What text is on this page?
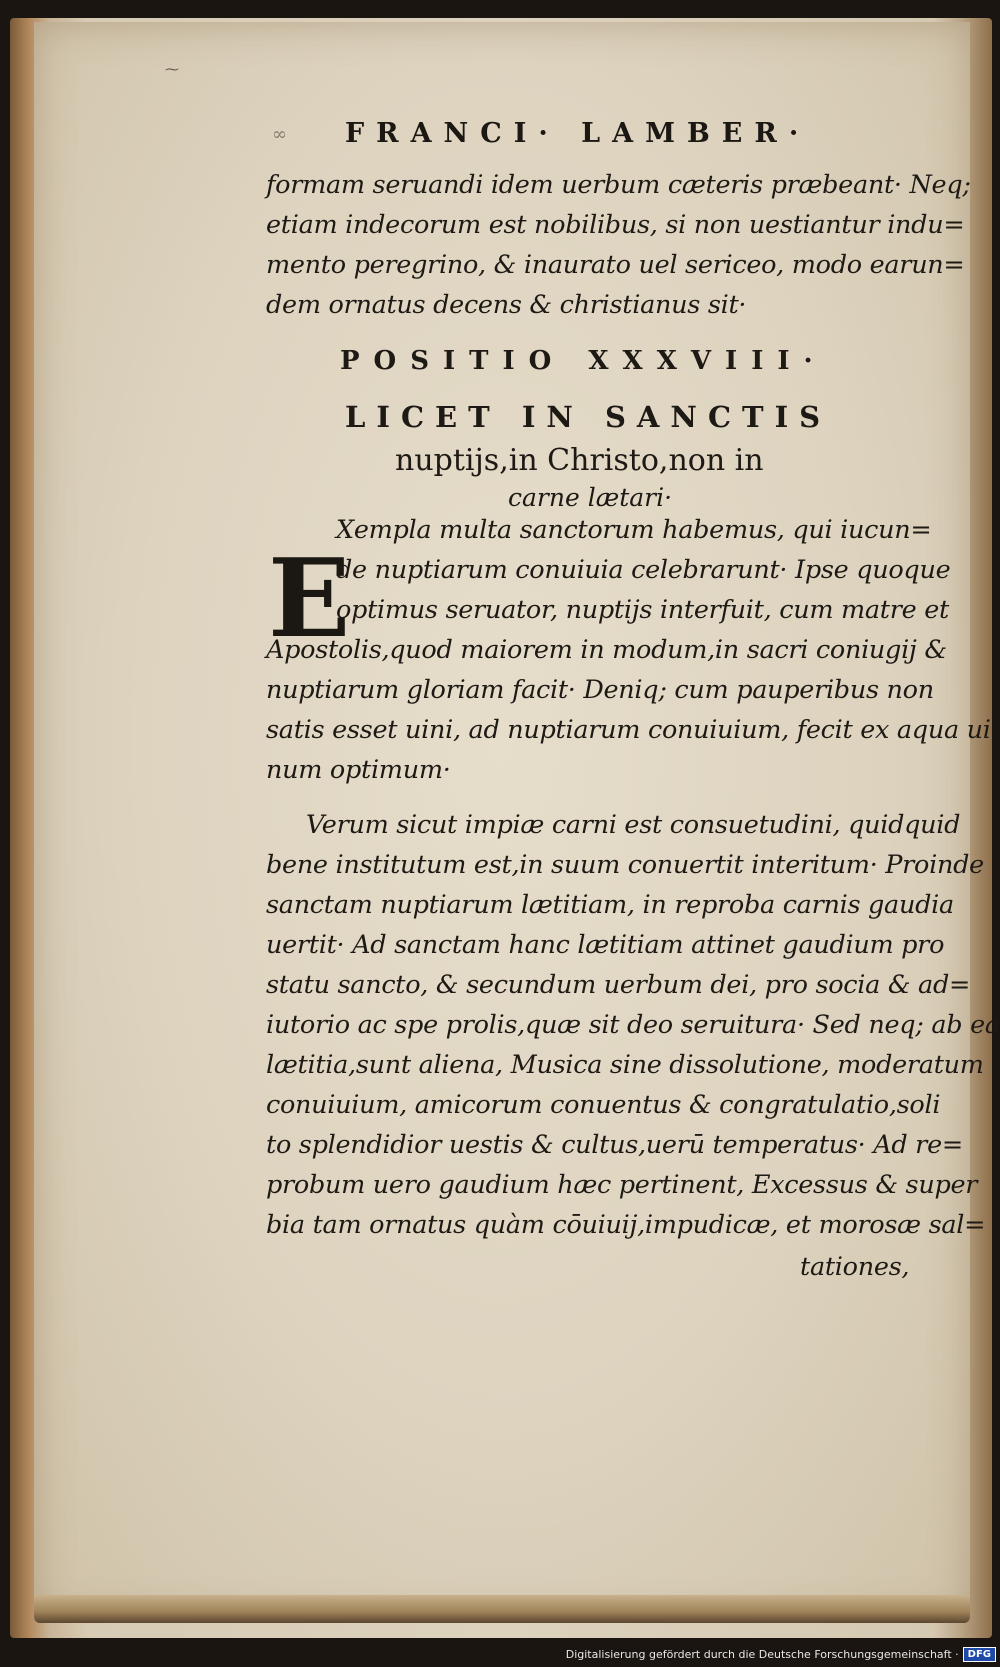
⁓
∞ FRANCI· LAMBER·
formam seruandi idem uerbum cæteris præbeant· Neq;
etiam indecorum est nobilibus, si non uestiantur indu=
mento peregrino, & inaurato uel sericeo, modo earun=
dem ornatus decens & christianus sit·
POSITIO XXXVIII·
LICET IN SANCTIS
nuptijs,in Christo,non in
carne lætari·
E
Xempla multa sanctorum habemus, qui iucun=
de nuptiarum conuiuia celebrarunt· Ipse quoque
optimus seruator, nuptijs interfuit, cum matre et
Apostolis,quod maiorem in modum,in sacri coniugij &
nuptiarum gloriam facit· Deniq; cum pauperibus non
satis esset uini, ad nuptiarum conuiuium, fecit ex aqua ui
num optimum·
Verum sicut impiæ carni est consuetudini, quidquid
bene institutum est,in suum conuertit interitum· Proinde
sanctam nuptiarum lætitiam, in reproba carnis gaudia
uertit· Ad sanctam hanc lætitiam attinet gaudium pro
statu sancto, & secundum uerbum dei, pro socia & ad=
iutorio ac spe prolis,quæ sit deo seruitura· Sed neq; ab ea
lætitia,sunt aliena, Musica sine dissolutione, moderatum
conuiuium, amicorum conuentus & congratulatio,soli
to splendidior uestis & cultus,uerū temperatus· Ad re=
probum uero gaudium hæc pertinent, Excessus & super
bia tam ornatus quàm cōuiuij,impudicæ, et morosæ sal=
tationes,
Digitalisierung gefördert durch die Deutsche Forschungsgemeinschaft · DFG
